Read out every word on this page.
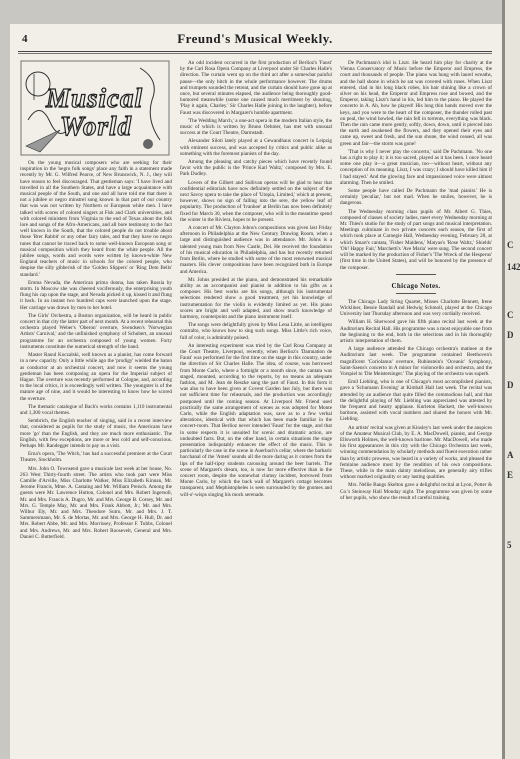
4	Freund's Musical Weekly.
Musical
World

On the young musical composers who are seeking for their inspiration in the 'negro folk songs' place any faith in a statement made recently by Mr. G. Wilfred Pearce, of New Brunswick, N. J., they will have reason to feel discouraged. That gentleman says: 'I have lived and travelled in all the Southern States, and have a large acquaintance with musical people of the South, and one and all have told me that there is not a jubilee or negro minstrel song known in that part of our country that was was not written by Northern or European white men. I have talked with scores of colored singers at Fisk and Clark universities, and with colored ministers from Virginia to the end of Texas about the folk lore and songs of the Afro-Americans, and all bore testimony to the fact well known in the South, that the colored people do not trouble about those 'Brer Rabbit' or any other fairy tales, and that they have no negro tunes that cannot be traced back to some well-known European song or musical composition which they heard from the white people. All the jubilee songs, words and words were written by known-white New England teachers of music in schools for the colored people, who despise the silly gibberish of the 'Golden Slippers' or 'Ring Dem Bells' standard.'

Emma Nevada, the American prima donna, has taken Russia by storm. In Moscow she was cheered vociferously, the enterprising youth flung his cap upon the stage, and Nevada picked it up, kissed it and flung it back. In an instant two hundred caps were launched upon the stage. Her carriage was drawn by men to her hotel.

The Girls' Orchestra, a Boston organization, will be heard in public concert in that city the latter part of next month. At a recent rehearsal this orchestra played Weber's 'Oberon' overture, Svendsen's 'Norwegian Artists' Carnival,' and the unfinished symphony of Schubert, an unusual programme for an orchestra composed of young women. Forty instruments constitute the numerical strength of the band.

Master Raoul Koczalski, well known as a pianist, has come forward in a new capacity. Only a little while ago the 'prodigy' wielded the baton as conductor at an orchestral concert, and now it seems the young gentleman has been composing an opera for the Imperial subject of Hague. The overture was recently performed at Cologne, and, according to the local critics, it is exceedingly well written. The youngster is of the mature age of nine, and it would be interesting to know how he scored the overture.

The thematic catalogue of Bach's works contains 1,110 instrumental and 1,300 vocal themes.

Sembrich, the English teacher of singing, said in a recent interview that, considered as pupils for the study of music, the Americans have more 'go' than the English, and they are much more enthusiastic. The English, with few exceptions, are more or less cold and self-conscious. Perhaps Mr. Randegger intends to pay us a visit.

Erna's opera, 'The Witch,' has had a successful premiere at the Court Theatre, Stockholm.

Mrs. John O. Townsend gave a musicale last week at her house, No. 263 West Thirty-fourth street. The artists who took part were Miss Camille d'Arville, Miss Charlotte Walker, Miss Elizabeth Kinnan, Mr. Jerome Francis, Mme. A. Castaing and Mr. William Preisch. Among the guests were Mr. Lawrence Hutton, Colonel and Mrs. Robert Ingersoll, Mr. and Mrs. Francis A. Dugro, Mr. and Mrs. George B. Corsey, Mr. and Mrs. G. Temple May, Mr. and Mrs. Frank Abbott, Jr.; Mr. and Mrs. Wilbur Ely, Mr. and Mrs. Theodore Sutro, Mr. and Mrs. J. T. Sammersmann, Mr. S. de Mortas, Mr. and Mrs. George H. Hull, Dr. and Mrs. Robert Abbe, Mr. and Mrs. Morrissey, Professor F. Tubbs, Colonel and Mrs. Andrews, Mr. and Mrs. Robert Roosevelt, General and Mrs. Daniel C. Butterfield.

An odd incident occurred in the first production of Berlioz's 'Faust' by the Carl Rosa Opera Company at Liverpool under Sir Charles Halle's direction. The curtain went up on the third act after a somewhat painful pause—the only hitch in the whole performance however. The drums and trumpets sounded the retreat, and the curtain should have gone up at once, but several minutes elapsed, the audience being thoroughly good-humored meanwhile (some one caused much merriment by shouting, 'Play it again, Charley.' Sir Charles Halle joining in the laughter), before Faust was discovered in Margaret's humble apartment.

'The Wedding March,' a one-act opera in the modern Italian style, the music of which is written by Bruno Oehmer, has met with unusual success at the Court Theatre, Darmstadt.

Alexander Siloti lately played at a Gewandhaus concert in Leipzig with eminent success, and was accepted by critics and public alike as something with the foremost pianists of the day.

Among the pleasing and catchy pieces which have recently found favor with the public is the 'Prince Karl Waltz,' composed by Mrs. E. Park Dudley.

Lovers of the Gilbert and Sullivan operas will be glad to hear that confidential editorials have now definitely settled on the subject of the next Savoy opera to take the place of 'Utopia, Limited,' which at present, however, shows no sign of falling into the sere, the yellow leaf of popularity. The production of 'Ivanhoe' at Berlin has now been definitely fixed for March 30, when the composer, who will in the meantime spend the winter in the Riviera, hopes to be present.

A concert of Mr. Clayton Johns's compositions was given last Friday afternoon in Philadelphia at the New Century Drawing Room, when a large and distinguished audience was in attendance. Mr. Johns is a talented young man from New Castle, Del. He received the foundation of his musical education in Philadelphia, and has but recently returned from Berlin, where he studied with some of the most renowned musical masters. His clever compositions have been recognized both in Europe and America.

Mr. Johns presided at the piano, and demonstrated his remarkable ability as an accompanist and pianist in addition to his gifts as a composer. His best works are his songs, although his instrumental selections rendered show a good treatment, yet his knowledge of instrumentation for the violin is evidently limited as yet. His piano scores are bright and well adapted, and show much knowledge of harmony, counterpoint and the piano instrument itself.

The songs were delightfully given by Miss Lena Little, an intelligent contralto, who knows how to sing such songs. Miss Little's rich voice, full of color, is admirably poised.

An interesting experiment was tried by the Carl Rosa Company at the Court Theatre, Liverpool, recently, when Berlioz's 'Damnation de Faust' was performed for the first time on the stage in this country, under the direction of Sir Charles Halle. The idea, of course, was borrowed from Monte Carlo, where a fortnight or a month since, the cantata was staged, mounted, according to the reports, by no means an adequate fashion, and M. Jean de Reszke sang the part of Faust. In this form it was also to have been given at Covent Garden last July, but there was not sufficient time for rehearsals, and the production was accordingly postponed until the coming season. At Liverpool Mr. Friend used practically the same arrangement of scenes as was adopted for Monte Carlo, while the English adaptation was, save as to a few verbal alterations, identical with that which has been made familiar in the concert-room. That Berlioz never intended 'Faust' for the stage, and that in some respects it is unsuited for scenic and dramatic action, are undoubted facts. But, on the other hand, in certain situations the stage presentation indisputably enhances the effect of the music. This is particularly the case in the scene in Auerbach's cellar, where the barbaric bacchanal of the 'Amen' sounds all the more daring as it comes from the lips of the half-tipsy students carousing around the beer barrels. The scene of Margaret's dream, too, is now far more effective than in the concert room, despite the somewhat clumsy incident, borrowed from Monte Carlo, by which the back wall of Margaret's cottage becomes transparent, and Mephistopheles is seen surrounded by the gnomes and will-o'-wisps singing his mock serenade.

De Pachmann's idol is Liszt. He heard him play for charity at the Vienna Conservatory of Music before the Emperor and Empress, the court and thousands of people. The piano was hung with laurel wreaths, and the hall shone in which he sat was covered with roses. When Liszt entered, clad in his long black robes, his hair shining like a crown of silver on his head, the Emperor and Empress rose and bowed, and the Emperor, taking Liszt's hand in his, led him to the piano. He played the concerto in A. Ah, how he played! His long thin hands moved over the keys, and you were to the heart of the composer, the thunder rolled past on peal, the wind howled, the rain fell in torrents, everything was black. Then the rain came more gently, softly, down, down, until it pierced into the earth and awakened the flowers, and they opened their eyes and came up, sweet and fresh, and the sun shone, the wind ceased, all was green and fair—the storm was gone!

'That is why I never play the concerto,' said De Pachmann. 'No one has a right to play it; it is too sacred, played as it has been. I once heard some one play it—a great musician, too—without heart, without any conception of its meaning. Liszt, I was crazy; I should have killed him if I had stayed.' And the glowing face and impassioned voice were almost alarming. Then he smiled.

Some people have called De Pachmann the 'mad pianist.' He is certainly 'peculiar,' but not mad. When he smiles, however, he is dangerous.

The Wednesday morning class pupils of Mr. Albert G. Thies, composed of classes of society ladies, meet every Wednesday morning at Mr. Thies's studio for the study of part songs and musical interpretation. Meetings culminate in two private concerts each season, the first of which took place at Carnegie Hall, Wednesday evening, February 28, at which Smart's cantata, 'Fisher Maidens,' Matyas's 'Rose Waltz,' Shields' 'Oh! Happy Fair,' Marchetti's 'Ave Maria' were sung. The second concert will be marked by the production of Fisher's 'The Wreck of the Hesperus' (first time in the United States), and will be honored by the presence of the composer.

Chicago Notes.

The Chicago Lady String Quartet, Misses Charlotte Bennett, Irene Wickliner, Bessie Randall and Hedwig Schmoll, played at the Chicago University last Thursday afternoon and was very cordially received.

William H. Sherwood gave his fifth piano recital last week at the Auditorium Recital Hall. His programme was a most enjoyable one from the beginning to the end, both in the selections and in his thoroughly artistic interpretation of them.

A large audience attended the Chicago orchestra's matinee at the Auditorium last week. The programme contained Beethoven's magnificent 'Coriolanus' overture, Rubinstein's 'Oceanic' Symphony, Saint-Saens's concerto in A minor for violoncello and orchestra, and the Vorspiel to 'Die Meistersinger.' The playing of the orchestra was superb.

Emil Liebling, who is one of Chicago's most accomplished pianists, gave a 'Schumann Evening' at Kimball Hall last week. The recital was attended by an audience that quite filled the commodious hall, and that the delightful playing of Mr. Liebling was appreciated was attested by the frequent and hearty applause. Kurleton Hackett, the well-known baritone, assisted with vocal numbers and shared the honors with Mr. Liebling.

An artists' recital was given at Kinsley's last week under the auspices of the Amateur Musical Club, by E. A. MacDowell, pianist, and George Ellsworth Holmes, the well-known baritone. Mr. MacDowell, who made his first appearances in this city with the Chicago Orchestra last week, winning commendation by scholarly methods and fluent execution rather than by artistic prowess, was heard in a variety of works, and pleased the feminine audience most by the rendition of his own compositions. These, while in the main dainty melodious, are generally airy trifles without marked originality or any lasting qualities.

Mrs. Nellie Bangs Skelton gave a delightful recital at Lyon, Potter & Co.'s Steinway Hall Monday night. The programme was given by some of her pupils, who show the result of careful training.

C
142
C
D
D
A
E
5
